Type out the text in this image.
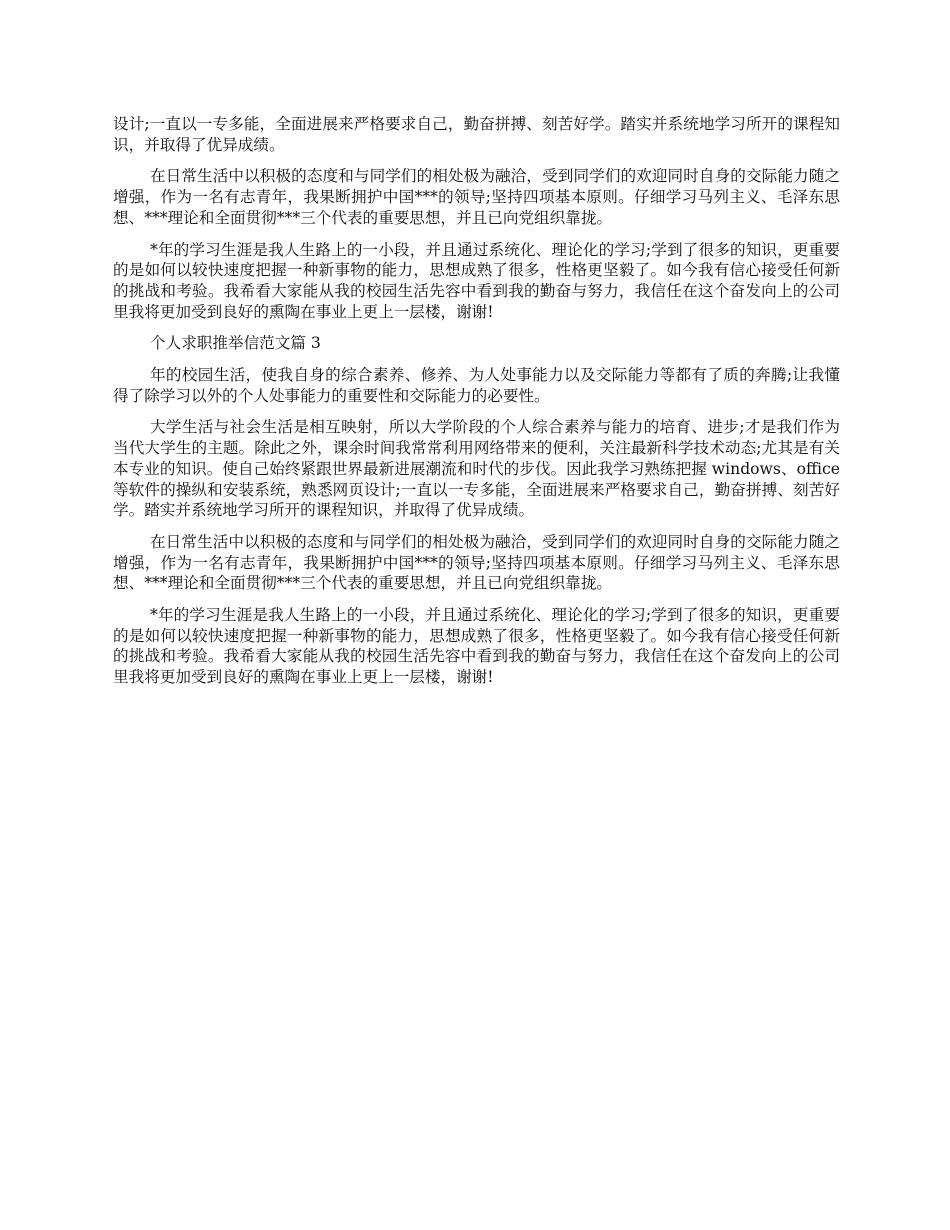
设计;一直以一专多能，全面进展来严格要求自己，勤奋拼搏、刻苦好学。踏实并系统地学习所开的课程知识，并取得了优异成绩。

在日常生活中以积极的态度和与同学们的相处极为融洽，受到同学们的欢迎同时自身的交际能力随之增强，作为一名有志青年，我果断拥护中国***的领导;坚持四项基本原则。仔细学习马列主义、毛泽东思想、***理论和全面贯彻***三个代表的重要思想，并且已向党组织靠拢。

*年的学习生涯是我人生路上的一小段，并且通过系统化、理论化的学习;学到了很多的知识，更重要的是如何以较快速度把握一种新事物的能力，思想成熟了很多，性格更坚毅了。如今我有信心接受任何新的挑战和考验。我希看大家能从我的校园生活先容中看到我的勤奋与努力，我信任在这个奋发向上的公司里我将更加受到良好的熏陶在事业上更上一层楼，谢谢!

个人求职推举信范文篇 3

年的校园生活，使我自身的综合素养、修养、为人处事能力以及交际能力等都有了质的奔腾;让我懂得了除学习以外的个人处事能力的重要性和交际能力的必要性。

大学生活与社会生活是相互映射，所以大学阶段的个人综合素养与能力的培育、进步;才是我们作为当代大学生的主题。除此之外，课余时间我常常利用网络带来的便利，关注最新科学技术动态;尤其是有关本专业的知识。使自己始终紧跟世界最新进展潮流和时代的步伐。因此我学习熟练把握 windows、office 等软件的操纵和安装系统，熟悉网页设计;一直以一专多能，全面进展来严格要求自己，勤奋拼搏、刻苦好学。踏实并系统地学习所开的课程知识，并取得了优异成绩。

在日常生活中以积极的态度和与同学们的相处极为融洽，受到同学们的欢迎同时自身的交际能力随之增强，作为一名有志青年，我果断拥护中国***的领导;坚持四项基本原则。仔细学习马列主义、毛泽东思想、***理论和全面贯彻***三个代表的重要思想，并且已向党组织靠拢。

*年的学习生涯是我人生路上的一小段，并且通过系统化、理论化的学习;学到了很多的知识，更重要的是如何以较快速度把握一种新事物的能力，思想成熟了很多，性格更坚毅了。如今我有信心接受任何新的挑战和考验。我希看大家能从我的校园生活先容中看到我的勤奋与努力，我信任在这个奋发向上的公司里我将更加受到良好的熏陶在事业上更上一层楼，谢谢!
